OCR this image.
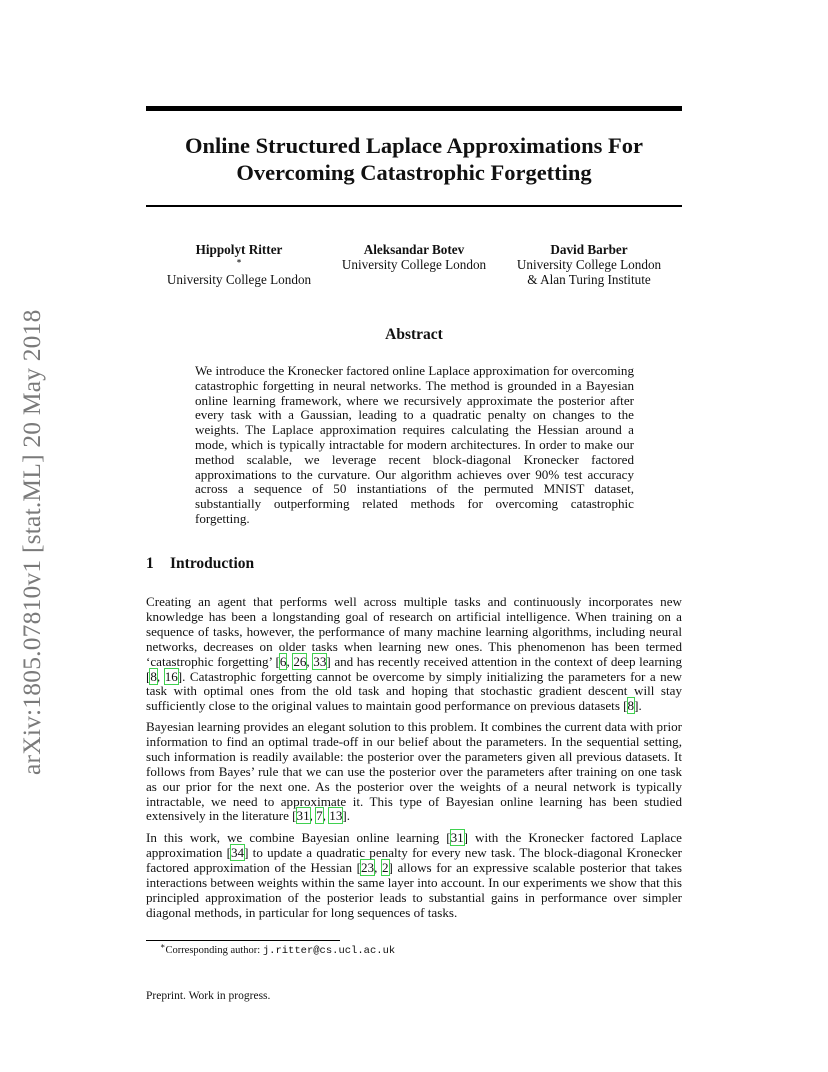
arXiv:1805.07810v1 [stat.ML] 20 May 2018
Online Structured Laplace Approximations For
Overcoming Catastrophic Forgetting
Hippolyt Ritter
∗
University College London
Aleksandar Botev
University College London
David Barber
University College London
& Alan Turing Institute
Abstract

We introduce the Kronecker factored online Laplace approximation for overcoming catastrophic forgetting in neural networks. The method is grounded in a Bayesian online learning framework, where we recursively approximate the posterior after every task with a Gaussian, leading to a quadratic penalty on changes to the weights. The Laplace approximation requires calculating the Hessian around a mode, which is typically intractable for modern architectures. In order to make our method scalable, we leverage recent block-diagonal Kronecker factored approximations to the curvature. Our algorithm achieves over 90% test accuracy across a sequence of 50 instantiations of the permuted MNIST dataset, substantially outperforming related methods for overcoming catastrophic forgetting.

1 Introduction

Creating an agent that performs well across multiple tasks and continuously incorporates new knowledge has been a longstanding goal of research on artificial intelligence. When training on a sequence of tasks, however, the performance of many machine learning algorithms, including neural networks, decreases on older tasks when learning new ones. This phenomenon has been termed ‘catastrophic forgetting’ [6, 26, 33] and has recently received attention in the context of deep learning [8, 16]. Catastrophic forgetting cannot be overcome by simply initializing the parameters for a new task with optimal ones from the old task and hoping that stochastic gradient descent will stay sufficiently close to the original values to maintain good performance on previous datasets [8].

Bayesian learning provides an elegant solution to this problem. It combines the current data with prior information to find an optimal trade-off in our belief about the parameters. In the sequential setting, such information is readily available: the posterior over the parameters given all previous datasets. It follows from Bayes’ rule that we can use the posterior over the parameters after training on one task as our prior for the next one. As the posterior over the weights of a neural network is typically intractable, we need to approximate it. This type of Bayesian online learning has been studied extensively in the literature [31, 7, 13].

In this work, we combine Bayesian online learning [31] with the Kronecker factored Laplace approximation [34] to update a quadratic penalty for every new task. The block-diagonal Kronecker factored approximation of the Hessian [23, 2] allows for an expressive scalable posterior that takes interactions between weights within the same layer into account. In our experiments we show that this principled approximation of the posterior leads to substantial gains in performance over simpler diagonal methods, in particular for long sequences of tasks.

∗Corresponding author: j.ritter@cs.ucl.ac.uk

Preprint. Work in progress.
